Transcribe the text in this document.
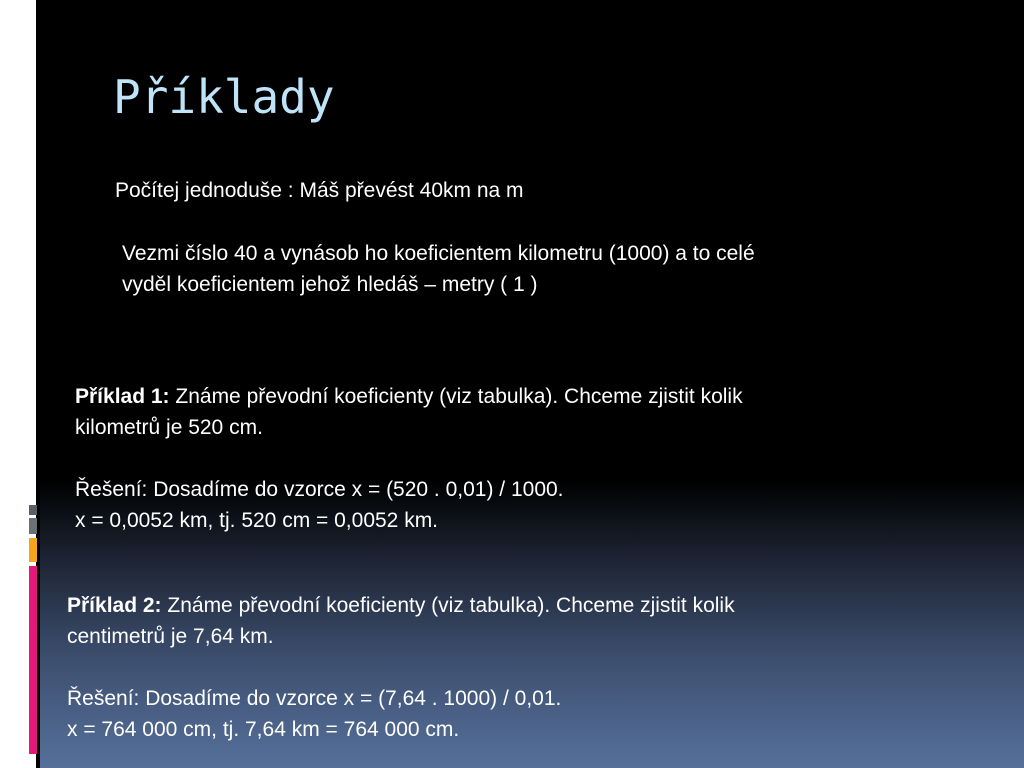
Příklady

Počítej jednoduše : Máš převést 40km na m

Vezmi číslo 40 a vynásob ho koeficientem kilometru (1000) a to celé

vyděl koeficientem jehož hledáš – metry ( 1 )

Příklad 1: Známe převodní koeficienty (viz tabulka). Chceme zjistit kolik

kilometrů je 520 cm.

Řešení: Dosadíme do vzorce x = (520 . 0,01) / 1000.

x = 0,0052 km, tj. 520 cm = 0,0052 km.

Příklad 2: Známe převodní koeficienty (viz tabulka). Chceme zjistit kolik

centimetrů je 7,64 km.

Řešení: Dosadíme do vzorce x = (7,64 . 1000) / 0,01.

x = 764 000 cm, tj. 7,64 km = 764 000 cm.
